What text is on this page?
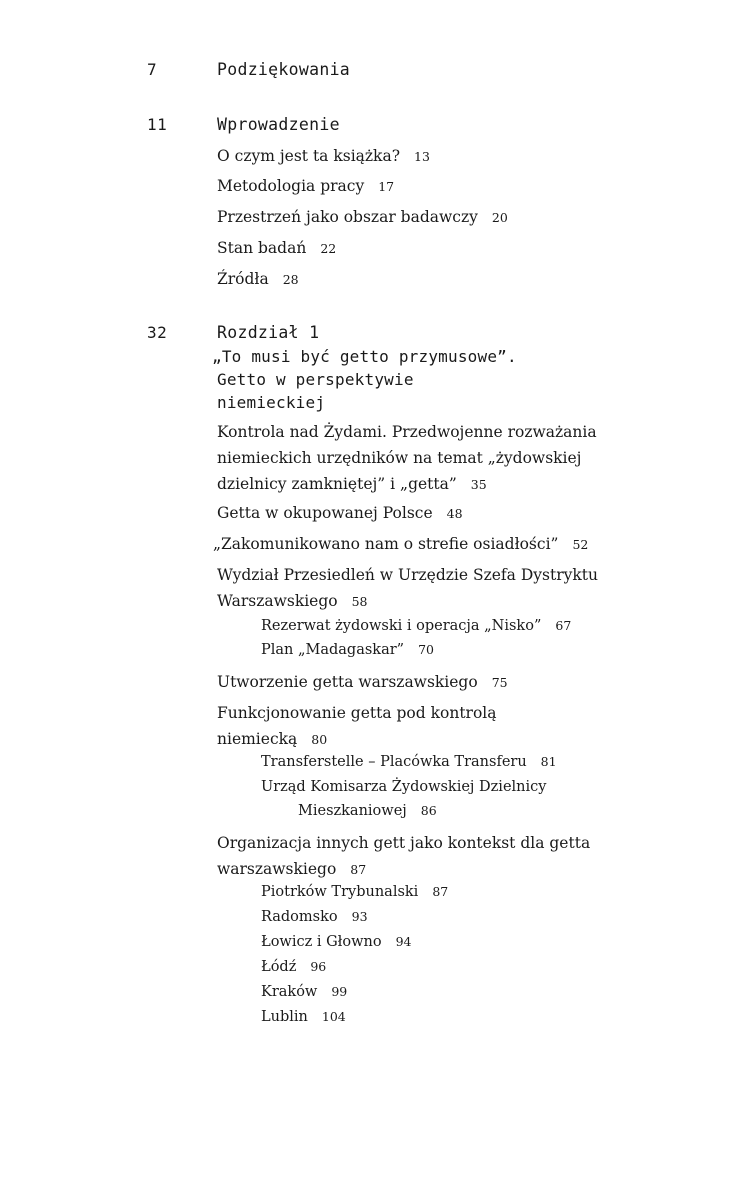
7	Podziękowania
11	Wprowadzenie
O czym jest ta książka? 13
Metodologia pracy 17
Przestrzeń jako obszar badawczy 20
Stan badań 22
Źródła 28
32	Rozdział 1
„To musi być getto przymusowe”.
Getto w perspektywie
niemieckiej
Kontrola nad Żydami. Przedwojenne rozważania
niemieckich urzędników na temat „żydowskiej
dzielnicy zamkniętej” i „getta” 35
Getta w okupowanej Polsce 48
„Zakomunikowano nam o strefie osiadłości” 52
Wydział Przesiedleń w Urzędzie Szefa Dystryktu
Warszawskiego 58
Rezerwat żydowski i operacja „Nisko” 67
Plan „Madagaskar” 70
Utworzenie getta warszawskiego 75
Funkcjonowanie getta pod kontrolą
niemiecką 80
Transferstelle – Placówka Transferu 81
Urząd Komisarza Żydowskiej Dzielnicy
Mieszkaniowej 86
Organizacja innych gett jako kontekst dla getta
warszawskiego 87
Piotrków Trybunalski 87
Radomsko 93
Łowicz i Głowno 94
Łódź 96
Kraków 99
Lublin 104
